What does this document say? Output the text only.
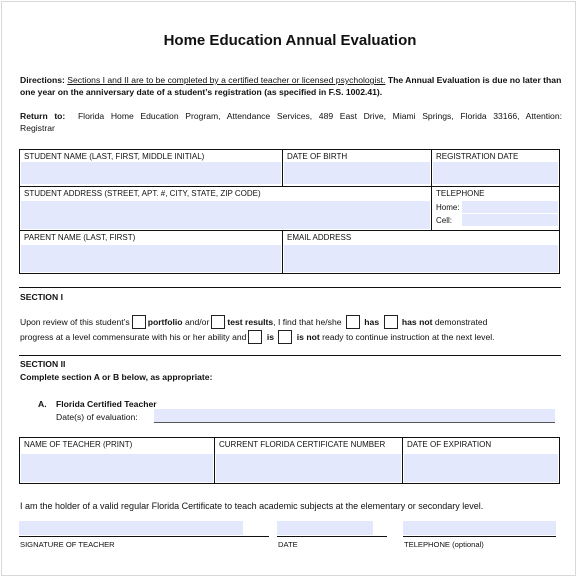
Home Education Annual Evaluation
Directions: Sections I and II are to be completed by a certified teacher or licensed psychologist. The Annual Evaluation is due no later than one year on the anniversary date of a student’s registration (as specified in F.S. 1002.41).
Return to: Florida Home Education Program, Attendance Services, 489 East Drive, Miami Springs, Florida 33166, Attention:
Registrar
STUDENT NAME (LAST, FIRST, MIDDLE INITIAL)	DATE OF BIRTH	REGISTRATION DATE

STUDENT ADDRESS (STREET, APT. #, CITY, STATE, ZIP CODE)		TELEPHONE
Home:
Cell:

PARENT NAME (LAST, FIRST)	EMAIL ADDRESS	
SECTION I
Upon review of this student’s portfolio and/or test results, I find that he/she	has	has not demonstrated
progress at a level commensurate with his or her ability and is	is not ready to continue instruction at the next level.
SECTION II
Complete section A or B below, as appropriate:
A. Florida Certified Teacher
Date(s) of evaluation:
NAME OF TEACHER (PRINT)	CURRENT FLORIDA CERTIFICATE NUMBER	DATE OF EXPIRATION
I am the holder of a valid regular Florida Certificate to teach academic subjects at the elementary or secondary level.
SIGNATURE OF TEACHER	DATE	TELEPHONE (optional)
